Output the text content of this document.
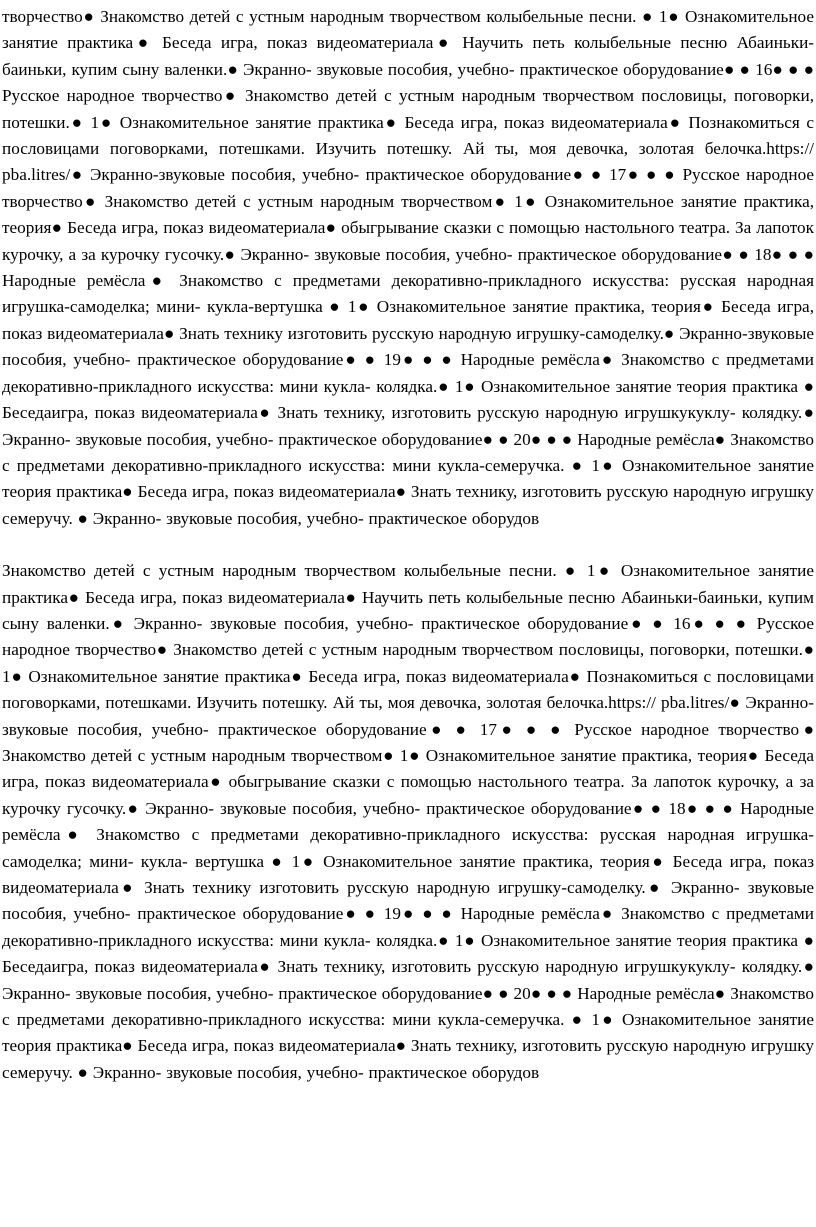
творчество● Знакомство детей с устным народным творчеством колыбельные песни. ● 1● Ознакомительное занятие практика● Беседа игра, показ видеоматериала● Научить петь колыбельные песню Абаиньки-баиньки, купим сыну валенки.● Экранно- звуковые пособия, учебно- практическое оборудование● ● 16● ● ● Русское народное творчество● Знакомство детей с устным народным творчеством пословицы, поговорки, потешки.● 1● Ознакомительное занятие практика● Беседа игра, показ видеоматериала● Познакомиться с пословицами поговорками, потешками. Изучить потешку. Ай ты, моя девочка, золотая белочка.https:// pba.litres/● Экранно-звуковые пособия, учебно- практическое оборудование● ● 17● ● ● Русское народное творчество● Знакомство детей с устным народным творчеством● 1● Ознакомительное занятие практика, теория● Беседа игра, показ видеоматериала● обыгрывание сказки с помощью настольного театра. За лапоток курочку, а за курочку гусочку.● Экранно- звуковые пособия, учебно- практическое оборудование● ● 18● ● ● Народные ремёсла● Знакомство с предметами декоративно-прикладного искусства: русская народная игрушка-самоделка; мини- кукла-вертушка ● 1● Ознакомительное занятие практика, теория● Беседа игра, показ видеоматериала● Знать технику изготовить русскую народную игрушку-самоделку.● Экранно-звуковые пособия, учебно- практическое оборудование● ● 19● ● ● Народные ремёсла● Знакомство с предметами декоративно-прикладного искусства: мини кукла- колядка.● 1● Ознакомительное занятие теория практика ● Беседаигра, показ видеоматериала● Знать технику, изготовить русскую народную игрушкукуклу- колядку.● Экранно- звуковые пособия, учебно- практическое оборудование● ● 20● ● ● Народные ремёсла● Знакомство с предметами декоративно-прикладного искусства: мини кукла-семеручка. ● 1● Ознакомительное занятие теория практика● Беседа игра, показ видеоматериала● Знать технику, изготовить русскую народную игрушку семеручу. ● Экранно- звуковые пособия, учебно- практическое оборудов

Знакомство детей с устным народным творчеством колыбельные песни. ● 1● Ознакомительное занятие практика● Беседа игра, показ видеоматериала● Научить петь колыбельные песню Абаиньки-баиньки, купим сыну валенки.● Экранно- звуковые пособия, учебно- практическое оборудование● ● 16● ● ● Русское народное творчество● Знакомство детей с устным народным творчеством пословицы, поговорки, потешки.● 1● Ознакомительное занятие практика● Беседа игра, показ видеоматериала● Познакомиться с пословицами поговорками, потешками. Изучить потешку. Ай ты, моя девочка, золотая белочка.https:// pba.litres/● Экранно- звуковые пособия, учебно- практическое оборудование● ● 17● ● ● Русское народное творчество● Знакомство детей с устным народным творчеством● 1● Ознакомительное занятие практика, теория● Беседа игра, показ видеоматериала● обыгрывание сказки с помощью настольного театра. За лапоток курочку, а за курочку гусочку.● Экранно- звуковые пособия, учебно- практическое оборудование● ● 18● ● ● Народные ремёсла● Знакомство с предметами декоративно-прикладного искусства: русская народная игрушка-самоделка; мини- кукла- вертушка ● 1● Ознакомительное занятие практика, теория● Беседа игра, показ видеоматериала● Знать технику изготовить русскую народную игрушку-самоделку.● Экранно- звуковые пособия, учебно- практическое оборудование● ● 19● ● ● Народные ремёсла● Знакомство с предметами декоративно-прикладного искусства: мини кукла- колядка.● 1● Ознакомительное занятие теория практика ● Беседаигра, показ видеоматериала● Знать технику, изготовить русскую народную игрушкукуклу- колядку.● Экранно- звуковые пособия, учебно- практическое оборудование● ● 20● ● ● Народные ремёсла● Знакомство с предметами декоративно-прикладного искусства: мини кукла-семеручка. ● 1● Ознакомительное занятие теория практика● Беседа игра, показ видеоматериала● Знать технику, изготовить русскую народную игрушку семеручу. ● Экранно- звуковые пособия, учебно- практическое оборудов
